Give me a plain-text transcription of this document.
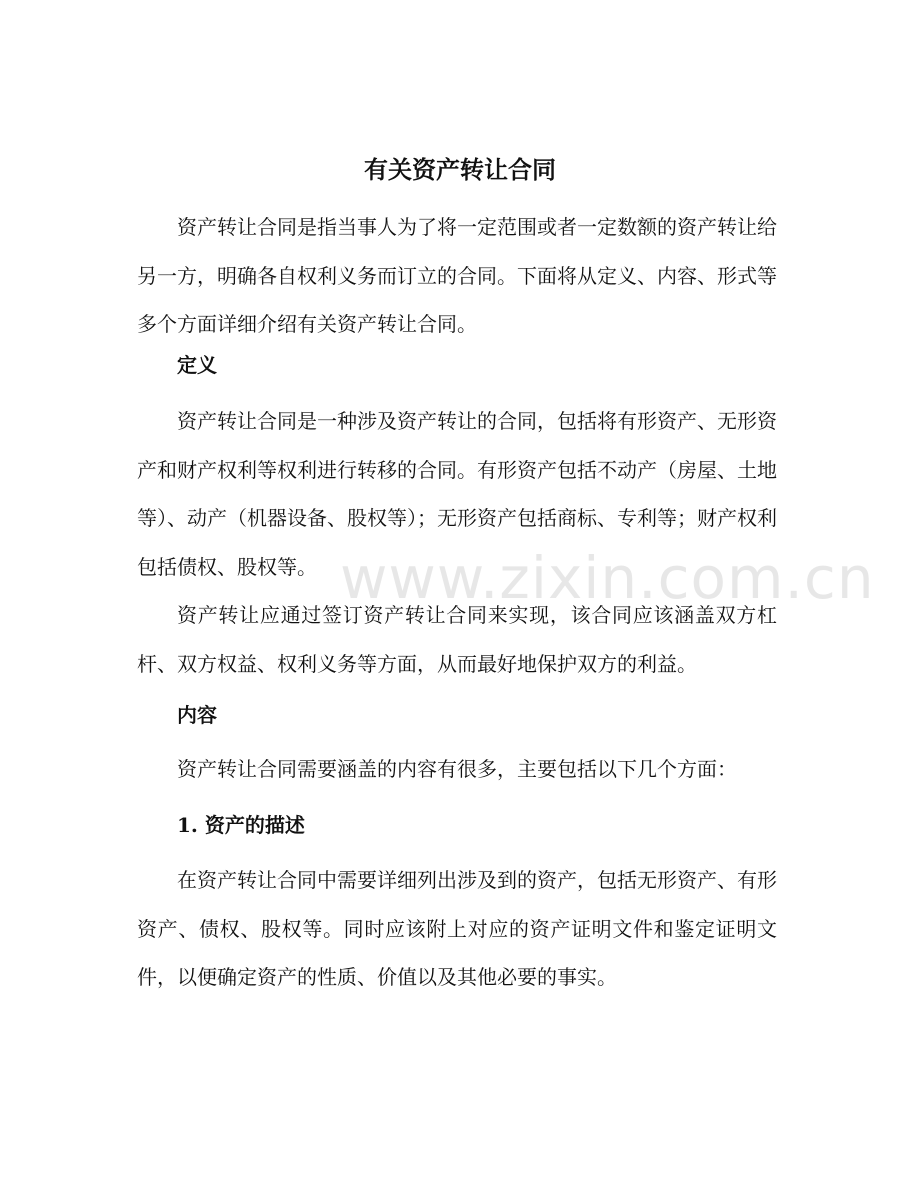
有关资产转让合同

资产转让合同是指当事人为了将一定范围或者一定数额的资产转让给另一方，明确各自权利义务而订立的合同。下面将从定义、内容、形式等多个方面详细介绍有关资产转让合同。

定义

资产转让合同是一种涉及资产转让的合同，包括将有形资产、无形资产和财产权利等权利进行转移的合同。有形资产包括不动产（房屋、土地等）、动产（机器设备、股权等）；无形资产包括商标、专利等；财产权利包括债权、股权等。

资产转让应通过签订资产转让合同来实现，该合同应该涵盖双方杠杆、双方权益、权利义务等方面，从而最好地保护双方的利益。

内容

资产转让合同需要涵盖的内容有很多，主要包括以下几个方面：

1. 资产的描述

在资产转让合同中需要详细列出涉及到的资产，包括无形资产、有形资产、债权、股权等。同时应该附上对应的资产证明文件和鉴定证明文件，以便确定资产的性质、价值以及其他必要的事实。

www.zixin.com.cn
